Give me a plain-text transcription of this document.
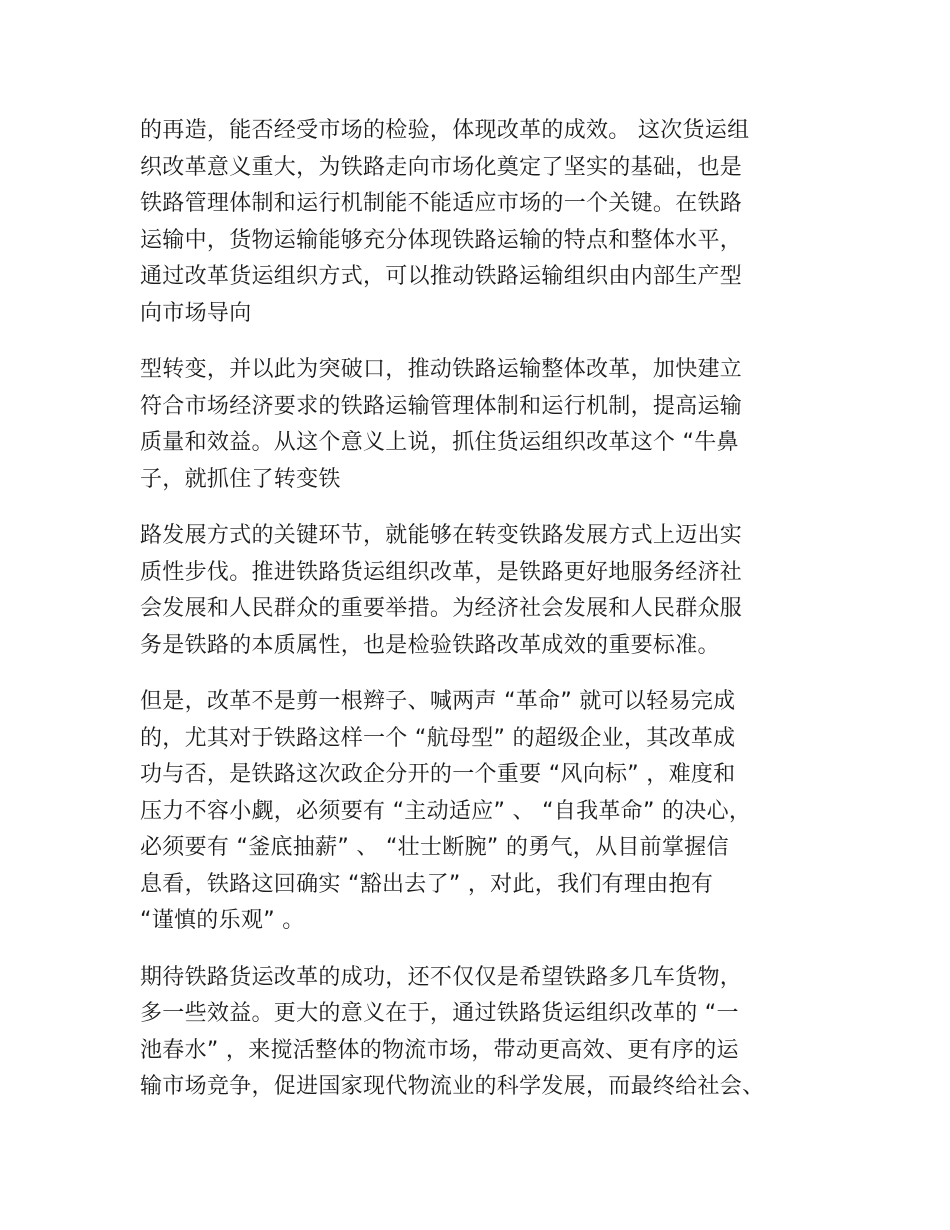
的再造，能否经受市场的检验，体现改革的成效。 这次货运组
织改革意义重大，为铁路走向市场化奠定了坚实的基础，也是
铁路管理体制和运行机制能不能适应市场的一个关键。在铁路
运输中，货物运输能够充分体现铁路运输的特点和整体水平，
通过改革货运组织方式，可以推动铁路运输组织由内部生产型
向市场导向

型转变，并以此为突破口，推动铁路运输整体改革，加快建立
符合市场经济要求的铁路运输管理体制和运行机制，提高运输
质量和效益。从这个意义上说，抓住货运组织改革这个 “牛鼻
子，就抓住了转变铁

路发展方式的关键环节，就能够在转变铁路发展方式上迈出实
质性步伐。推进铁路货运组织改革，是铁路更好地服务经济社
会发展和人民群众的重要举措。为经济社会发展和人民群众服
务是铁路的本质属性，也是检验铁路改革成效的重要标准。

但是，改革不是剪一根辫子、喊两声 “革命” 就可以轻易完成
的，尤其对于铁路这样一个 “航母型” 的超级企业，其改革成
功与否，是铁路这次政企分开的一个重要 “风向标” ，难度和
压力不容小觑，必须要有 “主动适应” 、 “自我革命” 的决心，
必须要有 “釜底抽薪” 、 “壮士断腕” 的勇气，从目前掌握信
息看，铁路这回确实 “豁出去了” ，对此，我们有理由抱有
“谨慎的乐观” 。

期待铁路货运改革的成功，还不仅仅是希望铁路多几车货物，
多一些效益。更大的意义在于，通过铁路货运组织改革的 “一
池春水” ，来搅活整体的物流市场，带动更高效、更有序的运
输市场竞争，促进国家现代物流业的科学发展，而最终给社会、
